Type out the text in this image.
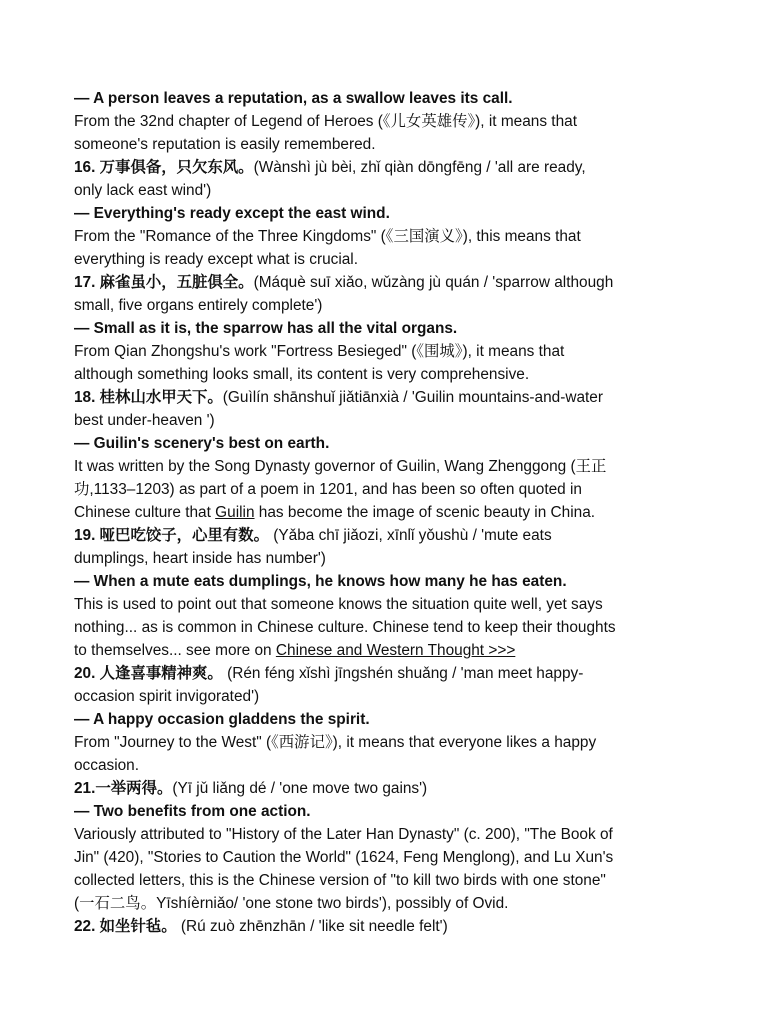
— A person leaves a reputation, as a swallow leaves its call.
From the 32nd chapter of Legend of Heroes (《儿女英雄传》), it means that
someone's reputation is easily remembered.
16. 万事俱备，只欠东风。(Wànshì jù bèi, zhǐ qiàn dōngfēng / 'all are ready,
only lack east wind')
— Everything's ready except the east wind.
From the "Romance of the Three Kingdoms" (《三国演义》), this means that
everything is ready except what is crucial.
17. 麻雀虽小，五脏俱全。(Máquè suī xiǎo, wǔzàng jù quán / 'sparrow although
small, five organs entirely complete')
— Small as it is, the sparrow has all the vital organs.
From Qian Zhongshu's work "Fortress Besieged" (《围城》), it means that
although something looks small, its content is very comprehensive.
18. 桂林山水甲天下。(Guìlín shānshuǐ jiǎtiānxià / 'Guilin mountains-and-water
best under-heaven ')
— Guilin's scenery's best on earth.
It was written by the Song Dynasty governor of Guilin, Wang Zhenggong (王正
功,1133–1203) as part of a poem in 1201, and has been so often quoted in
Chinese culture that Guilin has become the image of scenic beauty in China.
19. 哑巴吃饺子，心里有数。 (Yǎba chī jiǎozi, xīnlǐ yǒushù / 'mute eats
dumplings, heart inside has number')
— When a mute eats dumplings, he knows how many he has eaten.
This is used to point out that someone knows the situation quite well, yet says
nothing... as is common in Chinese culture. Chinese tend to keep their thoughts
to themselves... see more on Chinese and Western Thought >>>
20. 人逢喜事精神爽。 (Rén féng xǐshì jīngshén shuǎng / 'man meet happy-
occasion spirit invigorated')
— A happy occasion gladdens the spirit.
From "Journey to the West" (《西游记》), it means that everyone likes a happy
occasion.
21.一举两得。(Yī jǔ liǎng dé / 'one move two gains')
— Two benefits from one action.
Variously attributed to "History of the Later Han Dynasty" (c. 200), "The Book of
Jin" (420), "Stories to Caution the World" (1624, Feng Menglong), and Lu Xun's
collected letters, this is the Chinese version of "to kill two birds with one stone"
(一石二鸟。Yīshíèrniǎo/ 'one stone two birds'), possibly of Ovid.
22. 如坐针毡。 (Rú zuò zhēnzhān / 'like sit needle felt')
